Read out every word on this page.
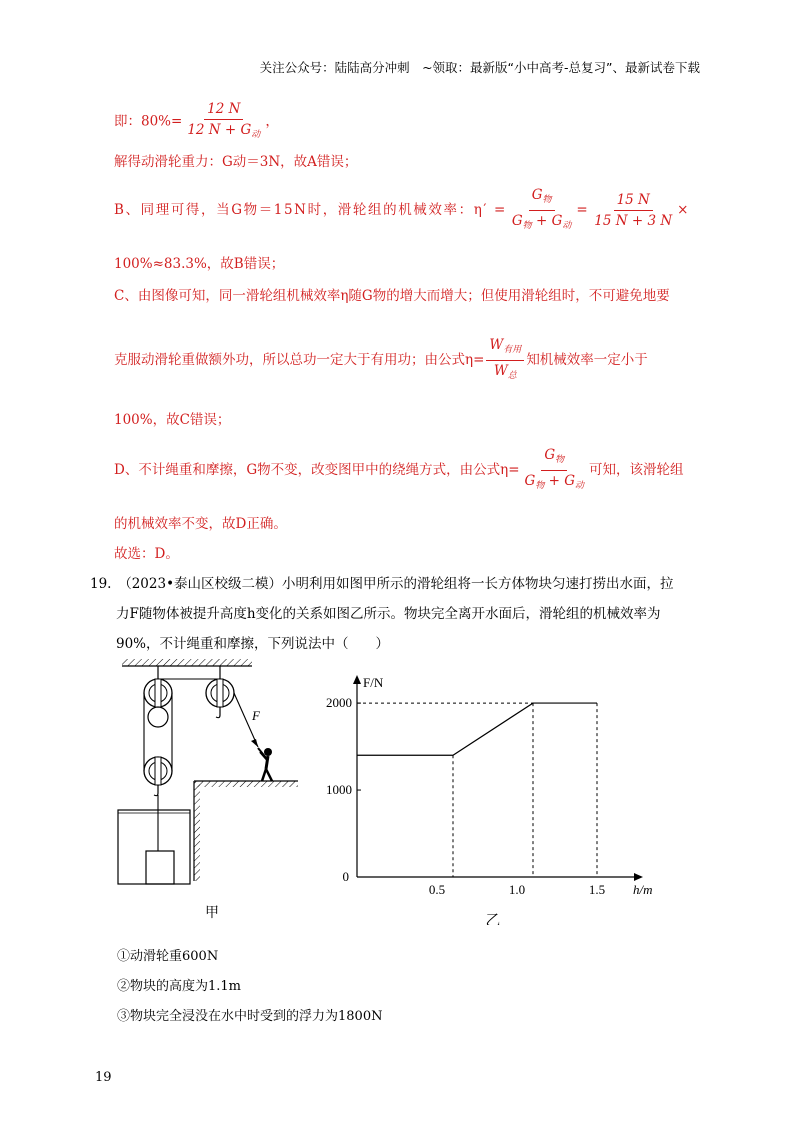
关注公众号：陆陆高分冲刺　~领取：最新版“小中高考-总复习”、最新试卷下载
即：$80\%= \frac{12 N}{12 N + G_动}$ ，
解得动滑轮重力：G动＝3N，故A错误；
B、同理可得，当G物＝15N时，滑轮组的机械效率：$\eta' = \frac{G_物}{G_物 + G_动} = \frac{15 N}{15 N + 3 N}$ ×
100%≈83.3%，故B错误；
C、由图像可知，同一滑轮组机械效率η随G物的增大而增大；但使用滑轮组时，不可避免地要
克服动滑轮重做额外功，所以总功一定大于有用功；由公式$\eta= \frac{W_{有用}}{W_总}$ 知机械效率一定小于
100%，故C错误；
D、不计绳重和摩擦，G物不变，改变图甲中的绕绳方式，由公式$\eta= \frac{G_物}{G_物 + G_动}$ 可知，该滑轮组
的机械效率不变，故D正确。
故选：D。
19.　（2023•泰山区校级二模）小明利用如图甲所示的滑轮组将一长方体物块匀速打捞出水面，拉
力F随物体被提升高度h变化的关系如图乙所示。物块完全离开水面后，滑轮组的机械效率为
90%，不计绳重和摩擦，下列说法中（　　）
F
甲
0.5	1.0	1.5
1000
2000
0
F/N
h/m
乙
①动滑轮重600N
②物块的高度为1.1m
③物块完全浸没在水中时受到的浮力为1800N
19
